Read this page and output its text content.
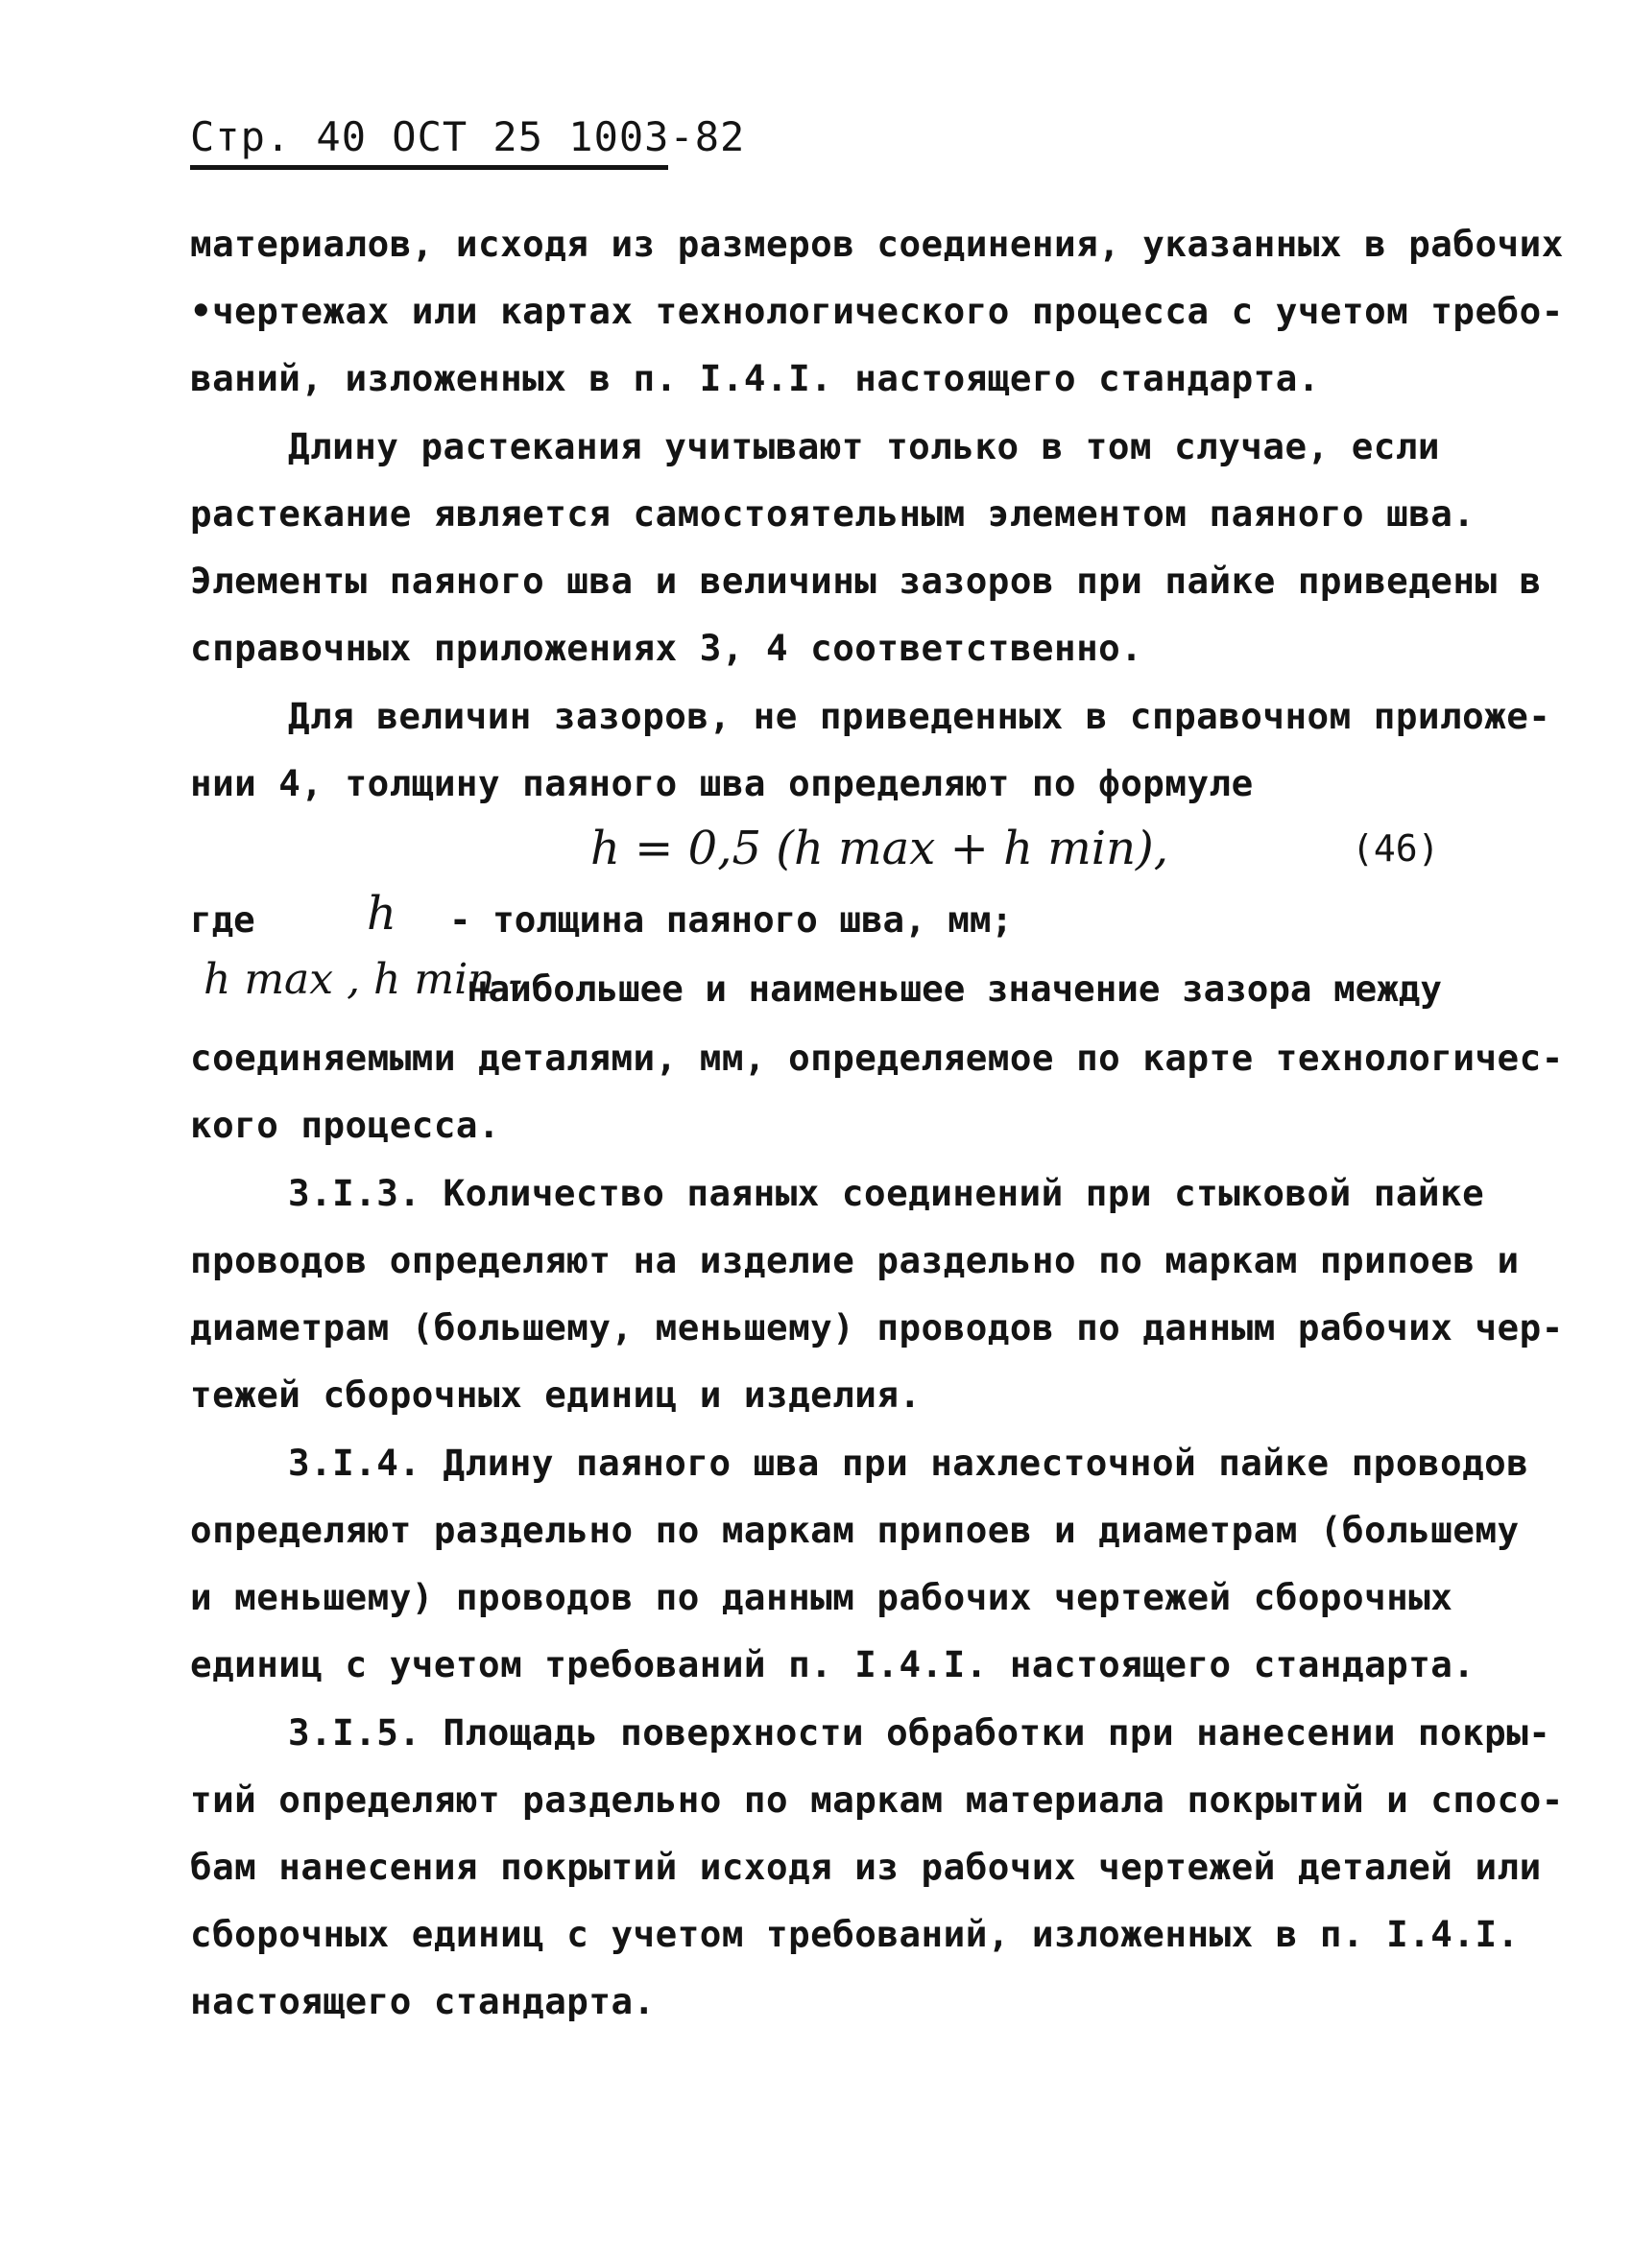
Стр. 40 ОСТ 25 1003-82
материалов, исходя из размеров соединения, указанных в рабочих
•чертежах или картах технологического процесса с учетом требо-
ваний, изложенных в п. I.4.I. настоящего стандарта.
Длину растекания учитывают только в том случае, если
растекание является самостоятельным элементом паяного шва.
Элементы паяного шва и величины зазоров при пайке приведены в
справочных приложениях 3, 4 соответственно.
Для величин зазоров, не приведенных в справочном приложе-
нии 4, толщину паяного шва определяют по формуле
h = 0,5 (h max + h min),	(46)
где h - толщина паяного шва, мм;
h max , h min -
наибольшее и наименьшее значение зазора между
соединяемыми деталями, мм, определяемое по карте технологичес-
кого процесса.
3.I.3. Количество паяных соединений при стыковой пайке
проводов определяют на изделие раздельно по маркам припоев и
диаметрам (большему, меньшему) проводов по данным рабочих чер-
тежей сборочных единиц и изделия.
3.I.4. Длину паяного шва при нахлесточной пайке проводов
определяют раздельно по маркам припоев и диаметрам (большему
и меньшему) проводов по данным рабочих чертежей сборочных
единиц с учетом требований п. I.4.I. настоящего стандарта.
3.I.5. Площадь поверхности обработки при нанесении покры-
тий определяют раздельно по маркам материала покрытий и спосо-
бам нанесения покрытий исходя из рабочих чертежей деталей или
сборочных единиц с учетом требований, изложенных в п. I.4.I.
настоящего стандарта.
